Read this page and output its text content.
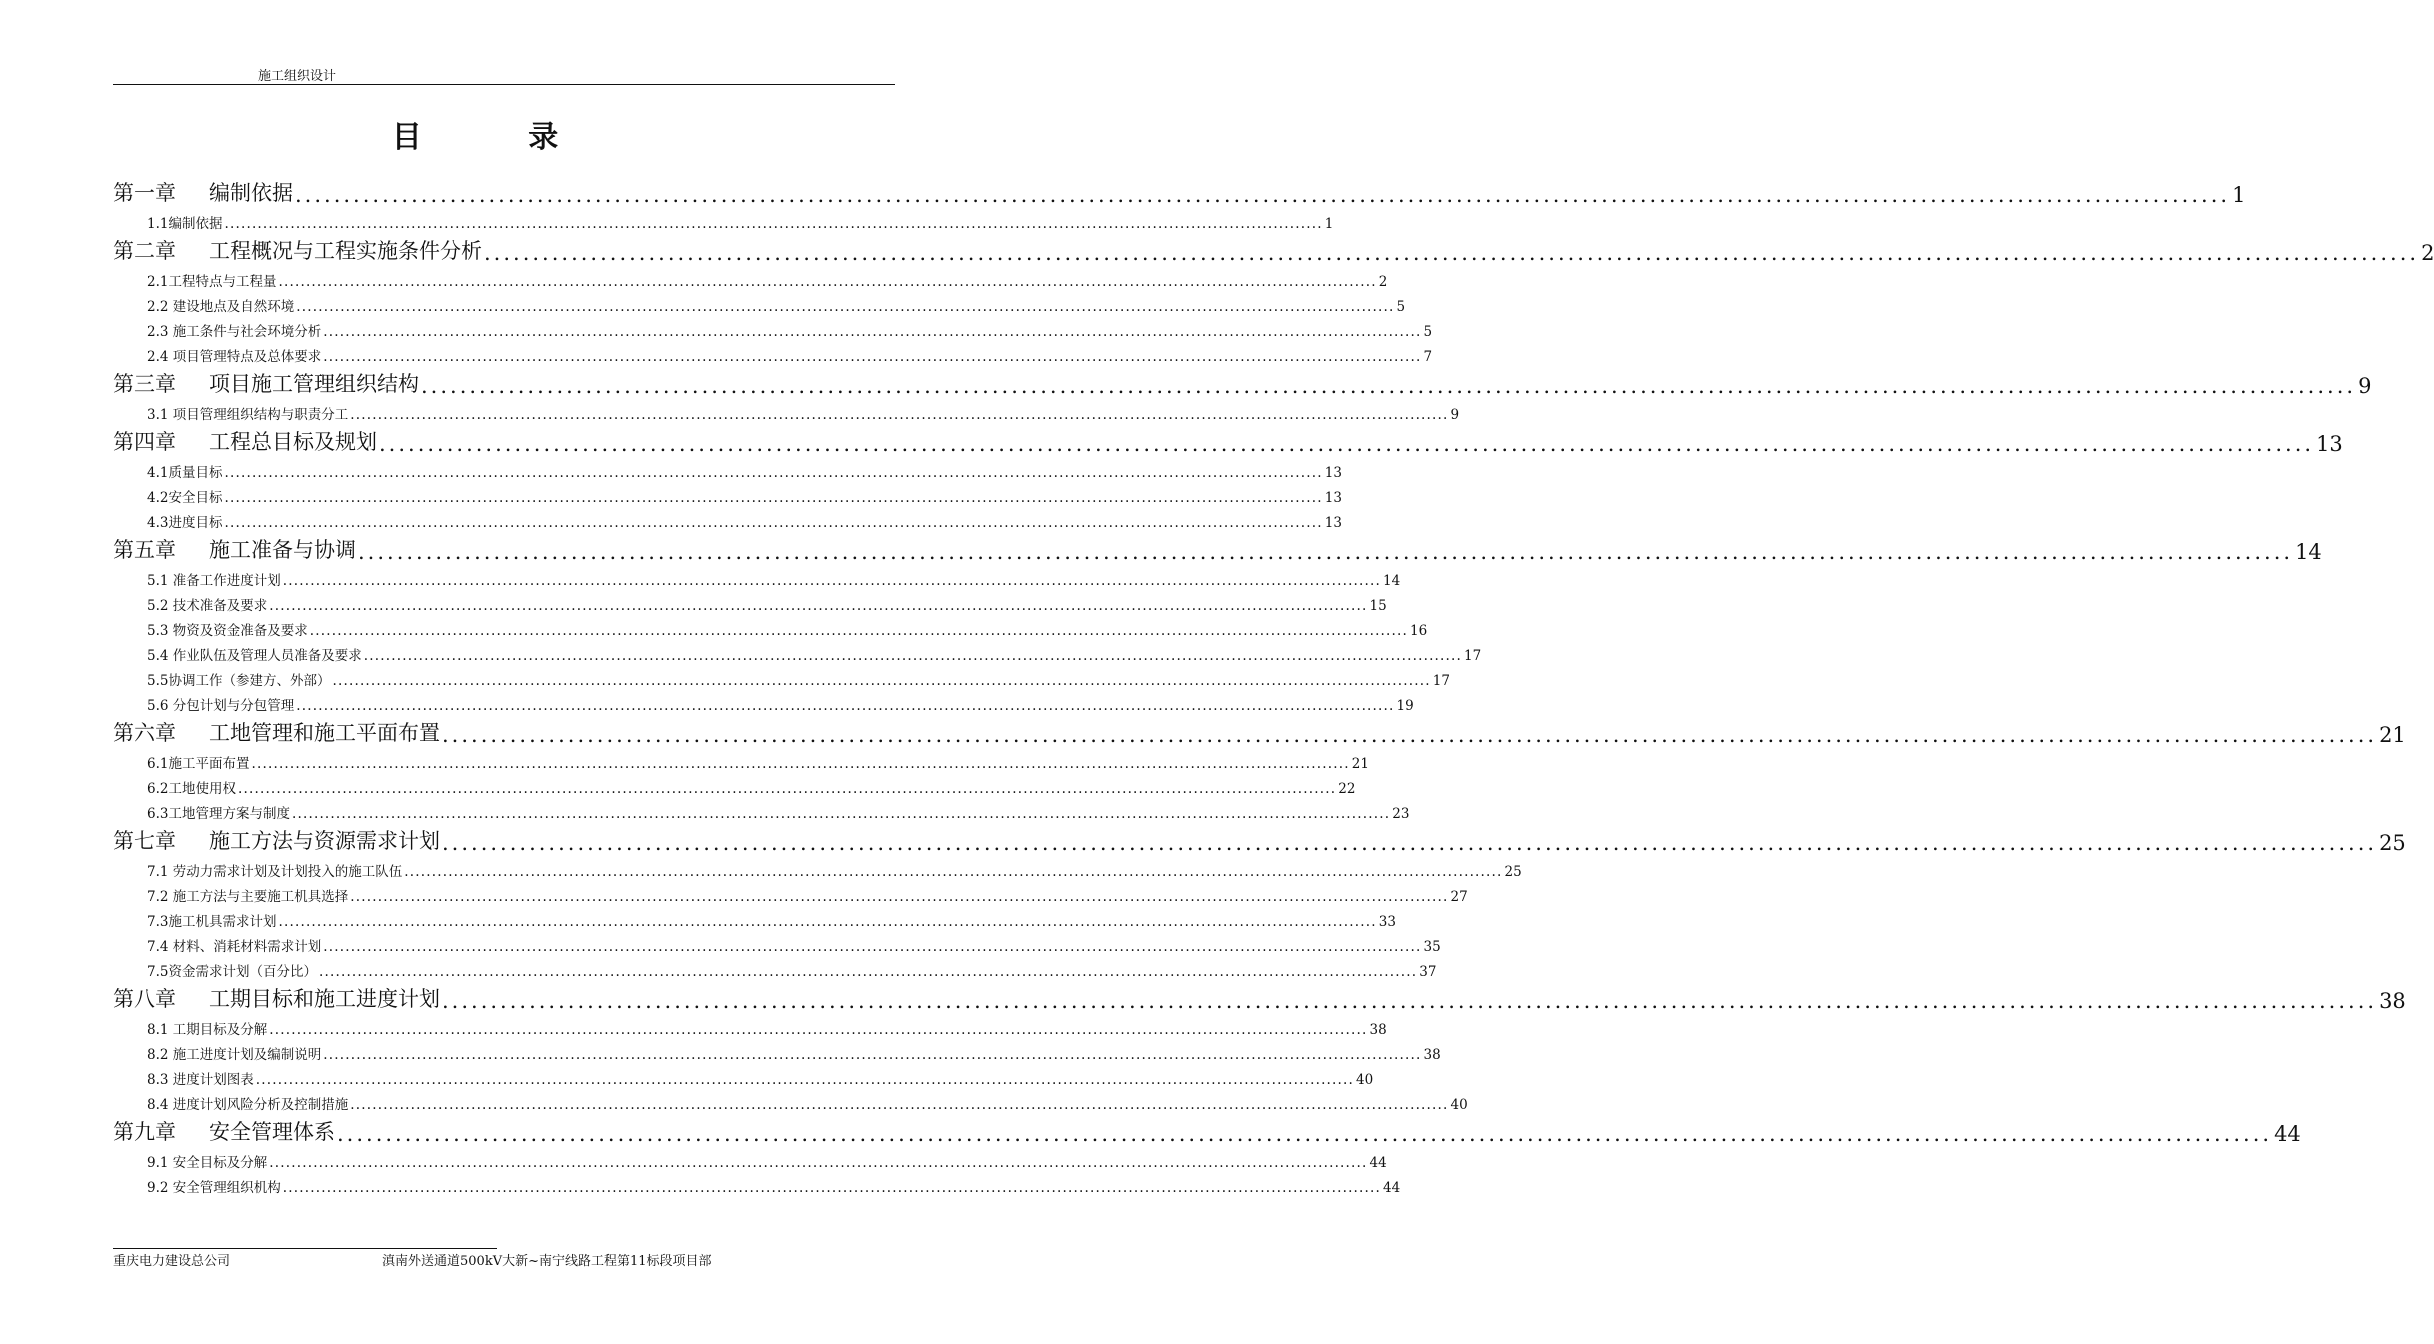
施工组织设计
目 录
第一章 编制依据 ........................................................................................................................................................................................................ 1
1.1编制依据 ........................................................................................................................................................................................................ 1
第二章 工程概况与工程实施条件分析 ........................................................................................................................................................................................................ 2
2.1工程特点与工程量 ........................................................................................................................................................................................................ 2
2.2 建设地点及自然环境 ........................................................................................................................................................................................................ 5
2.3 施工条件与社会环境分析 ........................................................................................................................................................................................................ 5
2.4 项目管理特点及总体要求 ........................................................................................................................................................................................................ 7
第三章 项目施工管理组织结构 ........................................................................................................................................................................................................ 9
3.1 项目管理组织结构与职责分工 ........................................................................................................................................................................................................ 9
第四章 工程总目标及规划 ........................................................................................................................................................................................................ 13
4.1质量目标 ........................................................................................................................................................................................................ 13
4.2安全目标 ........................................................................................................................................................................................................ 13
4.3进度目标 ........................................................................................................................................................................................................ 13
第五章 施工准备与协调 ........................................................................................................................................................................................................ 14
5.1 准备工作进度计划 ........................................................................................................................................................................................................ 14
5.2 技术准备及要求 ........................................................................................................................................................................................................ 15
5.3 物资及资金准备及要求 ........................................................................................................................................................................................................ 16
5.4 作业队伍及管理人员准备及要求 ........................................................................................................................................................................................................ 17
5.5协调工作（参建方、外部） ........................................................................................................................................................................................................ 17
5.6 分包计划与分包管理 ........................................................................................................................................................................................................ 19
第六章 工地管理和施工平面布置 ........................................................................................................................................................................................................ 21
6.1施工平面布置 ........................................................................................................................................................................................................ 21
6.2工地使用权 ........................................................................................................................................................................................................ 22
6.3工地管理方案与制度 ........................................................................................................................................................................................................ 23
第七章 施工方法与资源需求计划 ........................................................................................................................................................................................................ 25
7.1 劳动力需求计划及计划投入的施工队伍 ........................................................................................................................................................................................................ 25
7.2 施工方法与主要施工机具选择 ........................................................................................................................................................................................................ 27
7.3施工机具需求计划 ........................................................................................................................................................................................................ 33
7.4 材料、消耗材料需求计划 ........................................................................................................................................................................................................ 35
7.5资金需求计划（百分比） ........................................................................................................................................................................................................ 37
第八章 工期目标和施工进度计划 ........................................................................................................................................................................................................ 38
8.1 工期目标及分解 ........................................................................................................................................................................................................ 38
8.2 施工进度计划及编制说明 ........................................................................................................................................................................................................ 38
8.3 进度计划图表 ........................................................................................................................................................................................................ 40
8.4 进度计划风险分析及控制措施 ........................................................................................................................................................................................................ 40
第九章 安全管理体系 ........................................................................................................................................................................................................ 44
9.1 安全目标及分解 ........................................................................................................................................................................................................ 44
9.2 安全管理组织机构 ........................................................................................................................................................................................................ 44
重庆电力建设总公司	滇南外送通道500kV大新~南宁线路工程第11标段项目部
